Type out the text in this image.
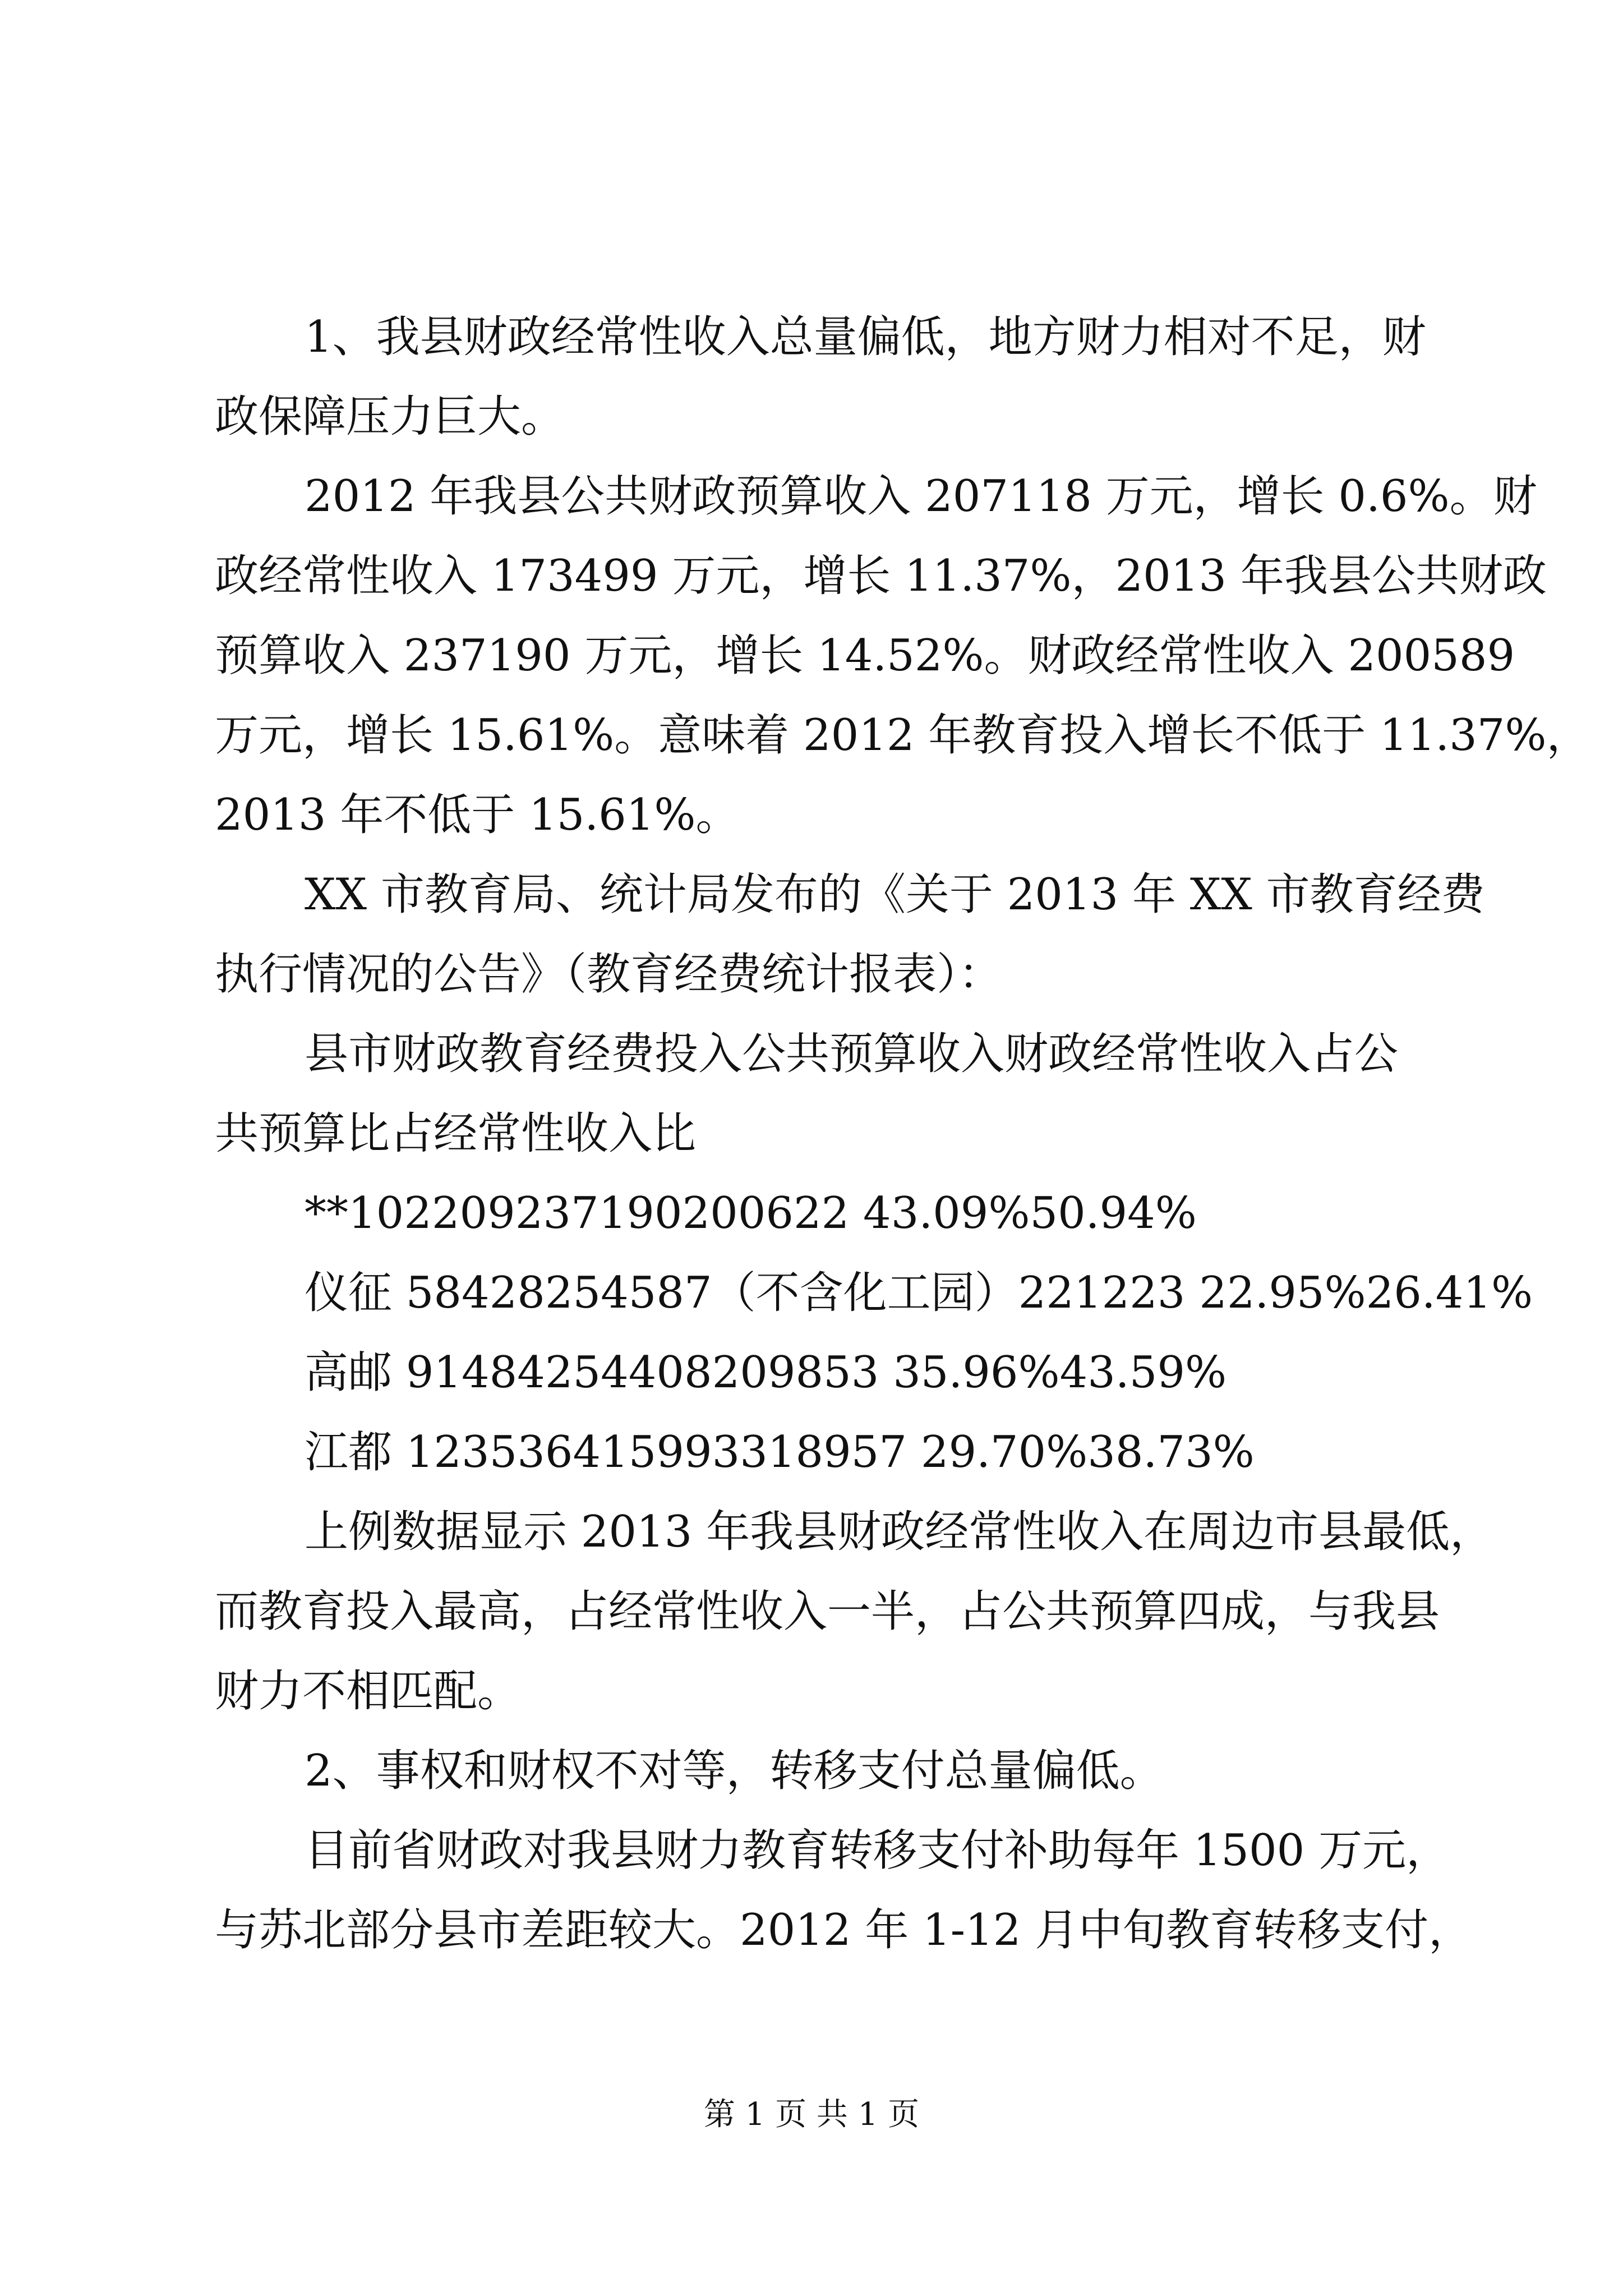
1、我县财政经常性收入总量偏低，地方财力相对不足，财
政保障压力巨大。
2012 年我县公共财政预算收入 207118 万元，增长 0.6%。财
政经常性收入 173499 万元，增长 11.37%，2013 年我县公共财政
预算收入 237190 万元，增长 14.52%。财政经常性收入 200589
万元，增长 15.61%。意味着 2012 年教育投入增长不低于 11.37%，
2013 年不低于 15.61%。
XX 市教育局、统计局发布的《关于 2013 年 XX 市教育经费
执行情况的公告》（教育经费统计报表）：
县市财政教育经费投入公共预算收入财政经常性收入占公
共预算比占经常性收入比
**102209237190200622 43.09%50.94%
仪征 58428254587（不含化工园）221223 22.95%26.41%
高邮 91484254408209853 35.96%43.59%
江都 123536415993318957 29.70%38.73%
上例数据显示 2013 年我县财政经常性收入在周边市县最低，
而教育投入最高，占经常性收入一半，占公共预算四成，与我县
财力不相匹配。
2、事权和财权不对等，转移支付总量偏低。
目前省财政对我县财力教育转移支付补助每年 1500 万元，
与苏北部分县市差距较大。2012 年 1-12 月中旬教育转移支付，
第 1 页 共 1 页
